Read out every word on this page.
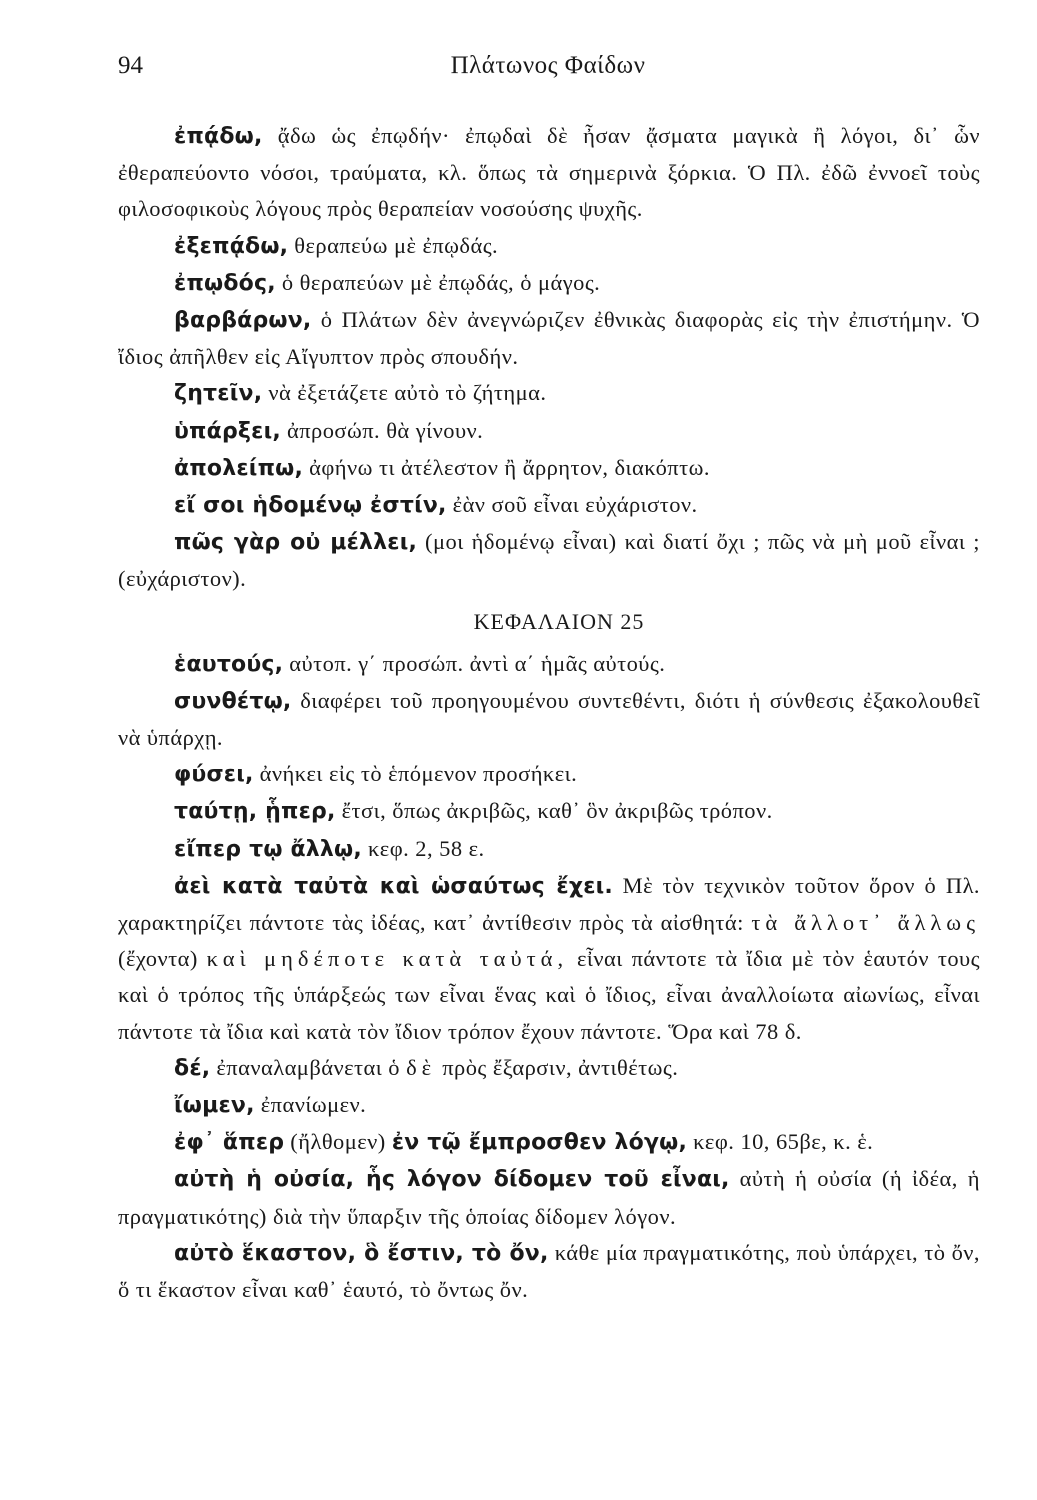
94	Πλάτωνος Φαίδων

ἐπᾴδω, ᾄδω ὡς ἐπῳδήν· ἐπῳδαὶ δὲ ἦσαν ᾄσματα μαγικὰ ἢ λόγοι, δι᾿ ὧν ἐθεραπεύοντο νόσοι, τραύματα, κλ. ὅπως τὰ σημερινὰ ξόρκια. Ὁ Πλ. ἐδῶ ἐννοεῖ τοὺς φιλοσοφικοὺς λόγους πρὸς θεραπείαν νοσούσης ψυχῆς.

ἐξεπᾴδω, θεραπεύω μὲ ἐπῳδάς.

ἐπῳδός, ὁ θεραπεύων μὲ ἐπῳδάς, ὁ μάγος.

βαρβάρων, ὁ Πλάτων δὲν ἀνεγνώριζεν ἐθνικὰς διαφορὰς εἰς τὴν ἐπιστήμην. Ὁ ἴδιος ἀπῆλθεν εἰς Αἴγυπτον πρὸς σπουδήν.

ζητεῖν, νὰ ἐξετάζετε αὐτὸ τὸ ζήτημα.

ὑπάρξει, ἀπροσώπ. θὰ γίνουν.

ἀπολείπω, ἀφήνω τι ἀτέλεστον ἢ ἄρρητον, διακόπτω.

εἴ σοι ἡδομένῳ ἐστίν, ἐὰν σοῦ εἶναι εὐχάριστον.

πῶς γὰρ οὐ μέλλει, (μοι ἡδομένῳ εἶναι) καὶ διατί ὄχι ; πῶς νὰ μὴ μοῦ εἶναι ; (εὐχάριστον).

ΚΕΦΑΛΑΙΟΝ 25

ἑαυτούς, αὐτοπ. γ΄ προσώπ. ἀντὶ α΄ ἡμᾶς αὐτούς.

συνθέτῳ, διαφέρει τοῦ προηγουμένου συντεθέντι, διότι ἡ σύνθεσις ἐξακολουθεῖ νὰ ὑπάρχῃ.

φύσει, ἀνήκει εἰς τὸ ἑπόμενον προσήκει.

ταύτῃ, ᾗπερ, ἔτσι, ὅπως ἀκριβῶς, καθ᾿ ὃν ἀκριβῶς τρόπον.

εἴπερ τῳ ἄλλῳ, κεφ. 2, 58 ε.

ἀεὶ κατὰ ταὐτὰ καὶ ὡσαύτως ἔχει. Μὲ τὸν τεχνικὸν τοῦτον ὅρον ὁ Πλ. χαρακτηρίζει πάντοτε τὰς ἰδέας, κατ᾿ ἀντίθεσιν πρὸς τὰ αἰσθητά: τὰ ἄλλοτ᾿ ἄλλως (ἔχοντα) καὶ μηδέποτε κατὰ ταὐτά, εἶναι πάντοτε τὰ ἴδια μὲ τὸν ἑαυτόν τους καὶ ὁ τρόπος τῆς ὑπάρξεώς των εἶναι ἕνας καὶ ὁ ἴδιος, εἶναι ἀναλλοίωτα αἰωνίως, εἶναι πάντοτε τὰ ἴδια καὶ κατὰ τὸν ἴδιον τρόπον ἔχουν πάντοτε. Ὅρα καὶ 78 δ.

δέ, ἐπαναλαμβάνεται ὁ δὲ πρὸς ἔξαρσιν, ἀντιθέτως.

ἴωμεν, ἐπανίωμεν.

ἐφ᾿ ἅπερ (ἤλθομεν) ἐν τῷ ἔμπροσθεν λόγῳ, κεφ. 10, 65βε, κ. ἑ.

αὐτὴ ἡ οὐσία, ἧς λόγον δίδομεν τοῦ εἶναι, αὐτὴ ἡ οὐσία (ἡ ἰδέα, ἡ πραγματικότης) διὰ τὴν ὕπαρξιν τῆς ὁποίας δίδομεν λόγον.

αὐτὸ ἕκαστον, ὃ ἔστιν, τὸ ὄν, κάθε μία πραγματικότης, ποὺ ὑπάρχει, τὸ ὄν, ὅ τι ἕκαστον εἶναι καθ᾿ ἑαυτό, τὸ ὄντως ὄν.
